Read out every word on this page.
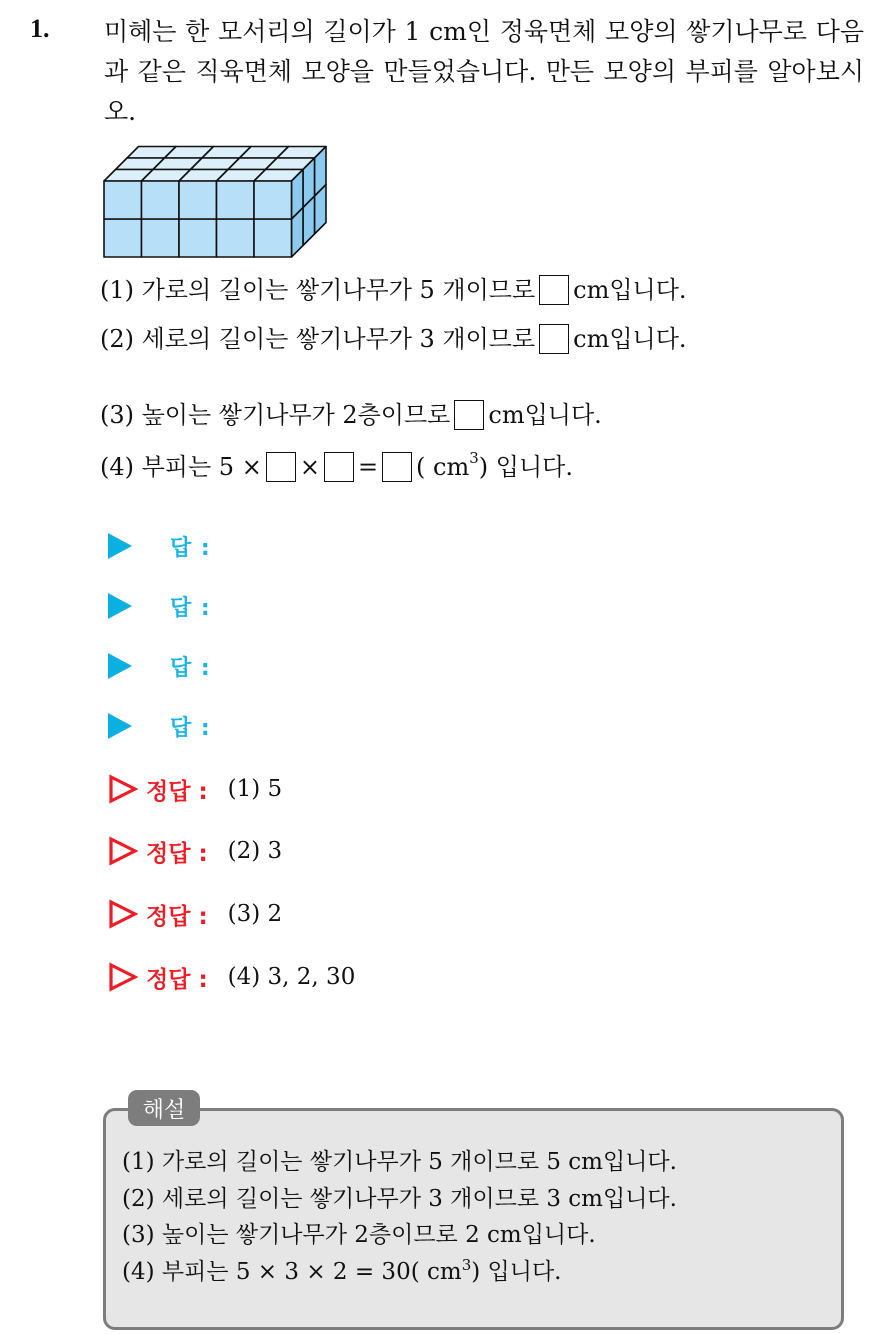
1. 미혜는 한 모서리의 길이가 1 cm인 정육면체 모양의 쌓기나무로 다음과 같은 직육면체 모양을 만들었습니다. 만든 모양의 부피를 알아보시오.
(1) 가로의 길이는 쌓기나무가 5 개이므로 cm입니다.
(2) 세로의 길이는 쌓기나무가 3 개이므로 cm입니다.
(3) 높이는 쌓기나무가 2층이므로 cm입니다.
(4) 부피는 5 × × = ( cm 3 ) 입니다.
답 :
답 :
답 :
답 :
정답 : (1) 5
정답 : (2) 3
정답 : (3) 2
정답 : (4) 3, 2, 30
해설
(1) 가로의 길이는 쌓기나무가 5 개이므로 5 cm입니다.
(2) 세로의 길이는 쌓기나무가 3 개이므로 3 cm입니다.
(3) 높이는 쌓기나무가 2층이므로 2 cm입니다.
(4) 부피는 5 × 3 × 2 = 30( $cm^3$) 입니다.
